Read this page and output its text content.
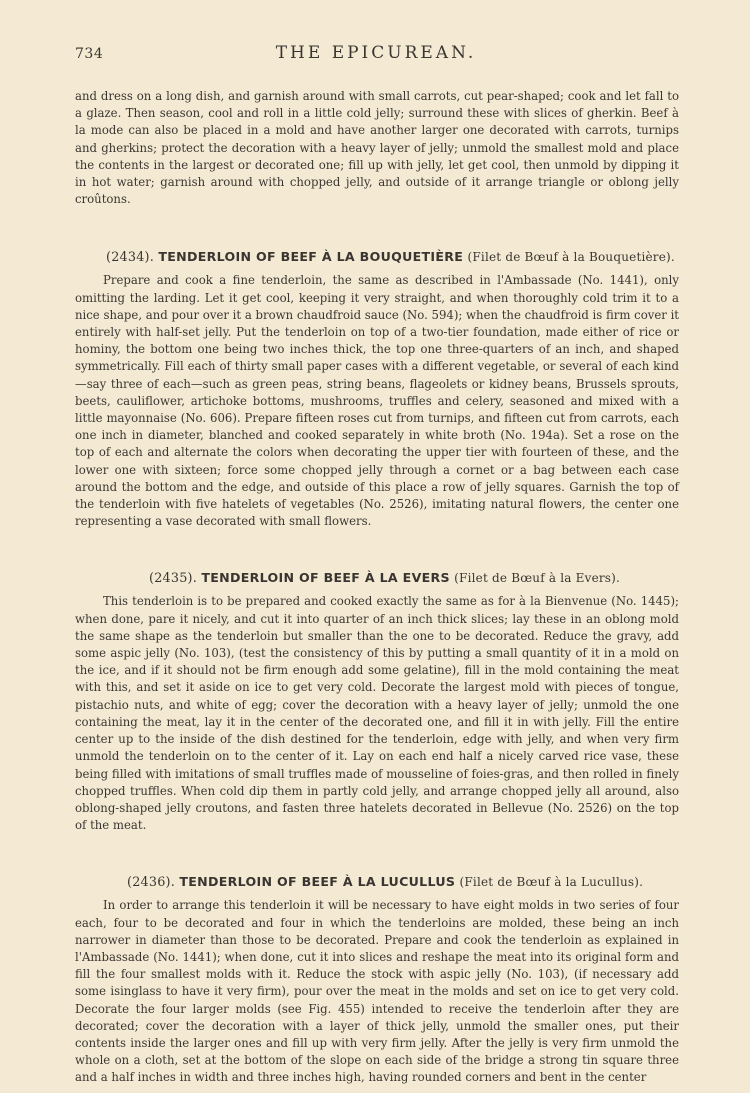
734	THE EPICUREAN.

and dress on a long dish, and garnish around with small carrots, cut pear-shaped; cook and let fall to a glaze. Then season, cool and roll in a little cold jelly; surround these with slices of gherkin. Beef à la mode can also be placed in a mold and have another larger one decorated with carrots, turnips and gherkins; protect the decoration with a heavy layer of jelly; unmold the smallest mold and place the contents in the largest or decorated one; fill up with jelly, let get cool, then unmold by dipping it in hot water; garnish around with chopped jelly, and outside of it arrange triangle or oblong jelly croûtons.

(2434). TENDERLOIN OF BEEF À LA BOUQUETIÈRE (Filet de Bœuf à la Bouquetière).

Prepare and cook a fine tenderloin, the same as described in l'Ambassade (No. 1441), only omitting the larding. Let it get cool, keeping it very straight, and when thoroughly cold trim it to a nice shape, and pour over it a brown chaudfroid sauce (No. 594); when the chaudfroid is firm cover it entirely with half-set jelly. Put the tenderloin on top of a two-tier foundation, made either of rice or hominy, the bottom one being two inches thick, the top one three-quarters of an inch, and shaped symmetrically. Fill each of thirty small paper cases with a different vegetable, or several of each kind—say three of each—such as green peas, string beans, flageolets or kidney beans, Brussels sprouts, beets, cauliflower, artichoke bottoms, mushrooms, truffles and celery, seasoned and mixed with a little mayonnaise (No. 606). Prepare fifteen roses cut from turnips, and fifteen cut from carrots, each one inch in diameter, blanched and cooked separately in white broth (No. 194a). Set a rose on the top of each and alternate the colors when decorating the upper tier with fourteen of these, and the lower one with sixteen; force some chopped jelly through a cornet or a bag between each case around the bottom and the edge, and outside of this place a row of jelly squares. Garnish the top of the tenderloin with five hatelets of vegetables (No. 2526), imitating natural flowers, the center one representing a vase decorated with small flowers.

(2435). TENDERLOIN OF BEEF À LA EVERS (Filet de Bœuf à la Evers).

This tenderloin is to be prepared and cooked exactly the same as for à la Bienvenue (No. 1445); when done, pare it nicely, and cut it into quarter of an inch thick slices; lay these in an oblong mold the same shape as the tenderloin but smaller than the one to be decorated. Reduce the gravy, add some aspic jelly (No. 103), (test the consistency of this by putting a small quantity of it in a mold on the ice, and if it should not be firm enough add some gelatine), fill in the mold containing the meat with this, and set it aside on ice to get very cold. Decorate the largest mold with pieces of tongue, pistachio nuts, and white of egg; cover the decoration with a heavy layer of jelly; unmold the one containing the meat, lay it in the center of the decorated one, and fill it in with jelly. Fill the entire center up to the inside of the dish destined for the tenderloin, edge with jelly, and when very firm unmold the tenderloin on to the center of it. Lay on each end half a nicely carved rice vase, these being filled with imitations of small truffles made of mousseline of foies-gras, and then rolled in finely chopped truffles. When cold dip them in partly cold jelly, and arrange chopped jelly all around, also oblong-shaped jelly croutons, and fasten three hatelets decorated in Bellevue (No. 2526) on the top of the meat.

(2436). TENDERLOIN OF BEEF À LA LUCULLUS (Filet de Bœuf à la Lucullus).

In order to arrange this tenderloin it will be necessary to have eight molds in two series of four each, four to be decorated and four in which the tenderloins are molded, these being an inch narrower in diameter than those to be decorated. Prepare and cook the tenderloin as explained in l'Ambassade (No. 1441); when done, cut it into slices and reshape the meat into its original form and fill the four smallest molds with it. Reduce the stock with aspic jelly (No. 103), (if necessary add some isinglass to have it very firm), pour over the meat in the molds and set on ice to get very cold. Decorate the four larger molds (see Fig. 455) intended to receive the tenderloin after they are decorated; cover the decoration with a layer of thick jelly, unmold the smaller ones, put their contents inside the larger ones and fill up with very firm jelly. After the jelly is very firm unmold the whole on a cloth, set at the bottom of the slope on each side of the bridge a strong tin square three and a half inches in width and three inches high, having rounded corners and bent in the center
